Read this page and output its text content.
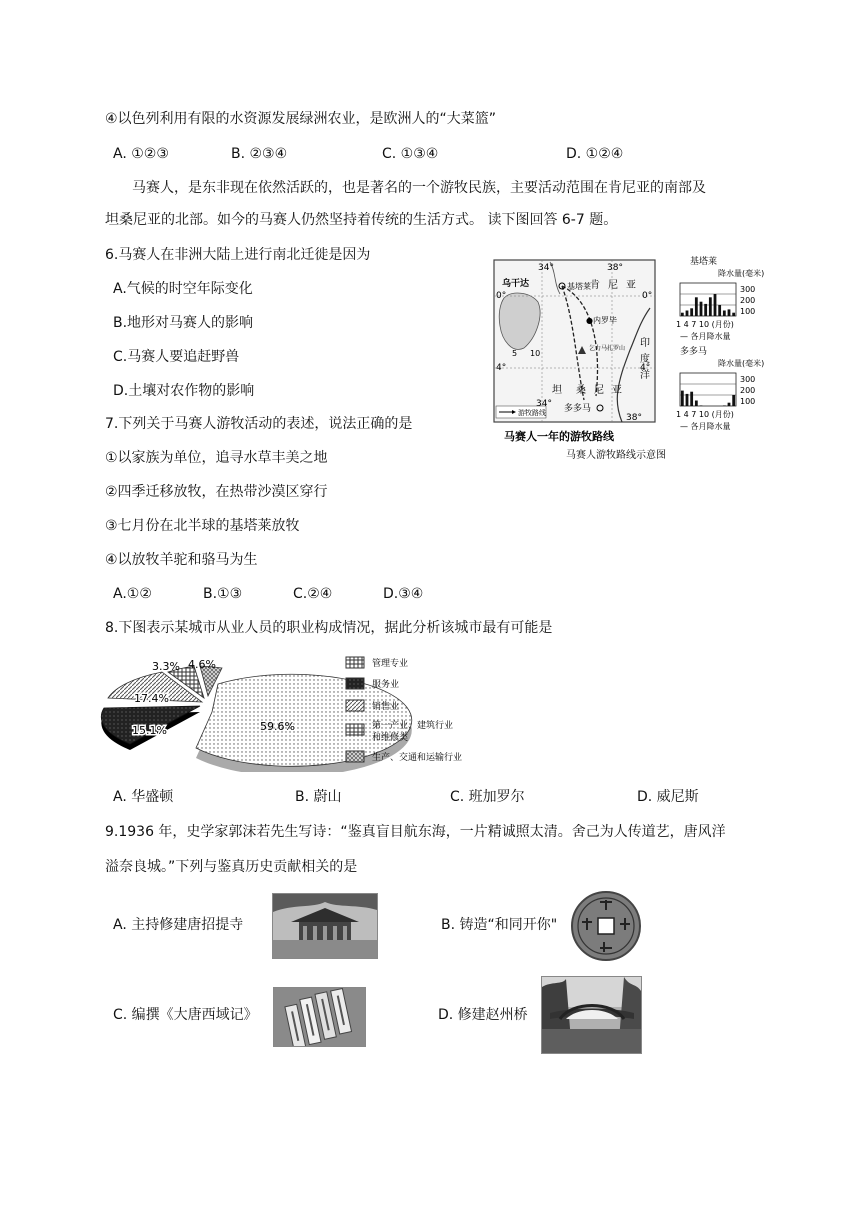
④以色列利用有限的水资源发展绿洲农业，是欧洲人的“大菜篮”
A. ①②③	B. ②③④	C. ①③④	D. ①②④
马赛人，是东非现在依然活跃的，也是著名的一个游牧民族，主要活动范围在肯尼亚的南部及
坦桑尼亚的北部。如今的马赛人仍然坚持着传统的生活方式。 读下图回答 6-7 题。
6.马赛人在非洲大陆上进行南北迁徙是因为
A.气候的时空年际变化
B.地形对马赛人的影响
C.马赛人要追赶野兽
D.土壤对农作物的影响
游牧路线
34°	38°
0°	0°
4°	4°
乌干达	基塔莱 肯 尼 亚
●内罗毕
乞力马扎罗山
坦 桑 尼 亚
多多马
34°
38°
印
度
洋
5 10
马赛人一年的游牧路线
马赛人游牧路线示意图
基塔莱
降水量(毫米)
300
200
100
1 4 7 10 (月份)
— 各月降水量
多多马
降水量(毫米)
300
200
100
1 4 7 10 (月份)
— 各月降水量
7.下列关于马赛人游牧活动的表述，说法正确的是
①以家族为单位，追寻水草丰美之地
②四季迁移放牧，在热带沙漠区穿行
③七月份在北半球的基塔莱放牧
④以放牧羊驼和骆马为生
A.①②	B.①③	C.②④	D.③④
8.下图表示某城市从业人员的职业构成情况，据此分析该城市最有可能是
59.6%
15.1%
17.4%
3.3% 4.6%	管理专业
服务业
销售业
第一产业、建筑行业
和维修类
生产、交通和运输行业
A. 华盛顿	B. 蔚山	C. 班加罗尔	D. 威尼斯
9.1936 年，史学家郭沫若先生写诗：“鉴真盲目航东海，一片精诚照太清。舍己为人传道艺，唐风洋
溢奈良城。”下列与鉴真历史贡献相关的是
A. 主持修建唐招提寺	B. 铸造“和同开你"
C. 编撰《大唐西域记》	D. 修建赵州桥
